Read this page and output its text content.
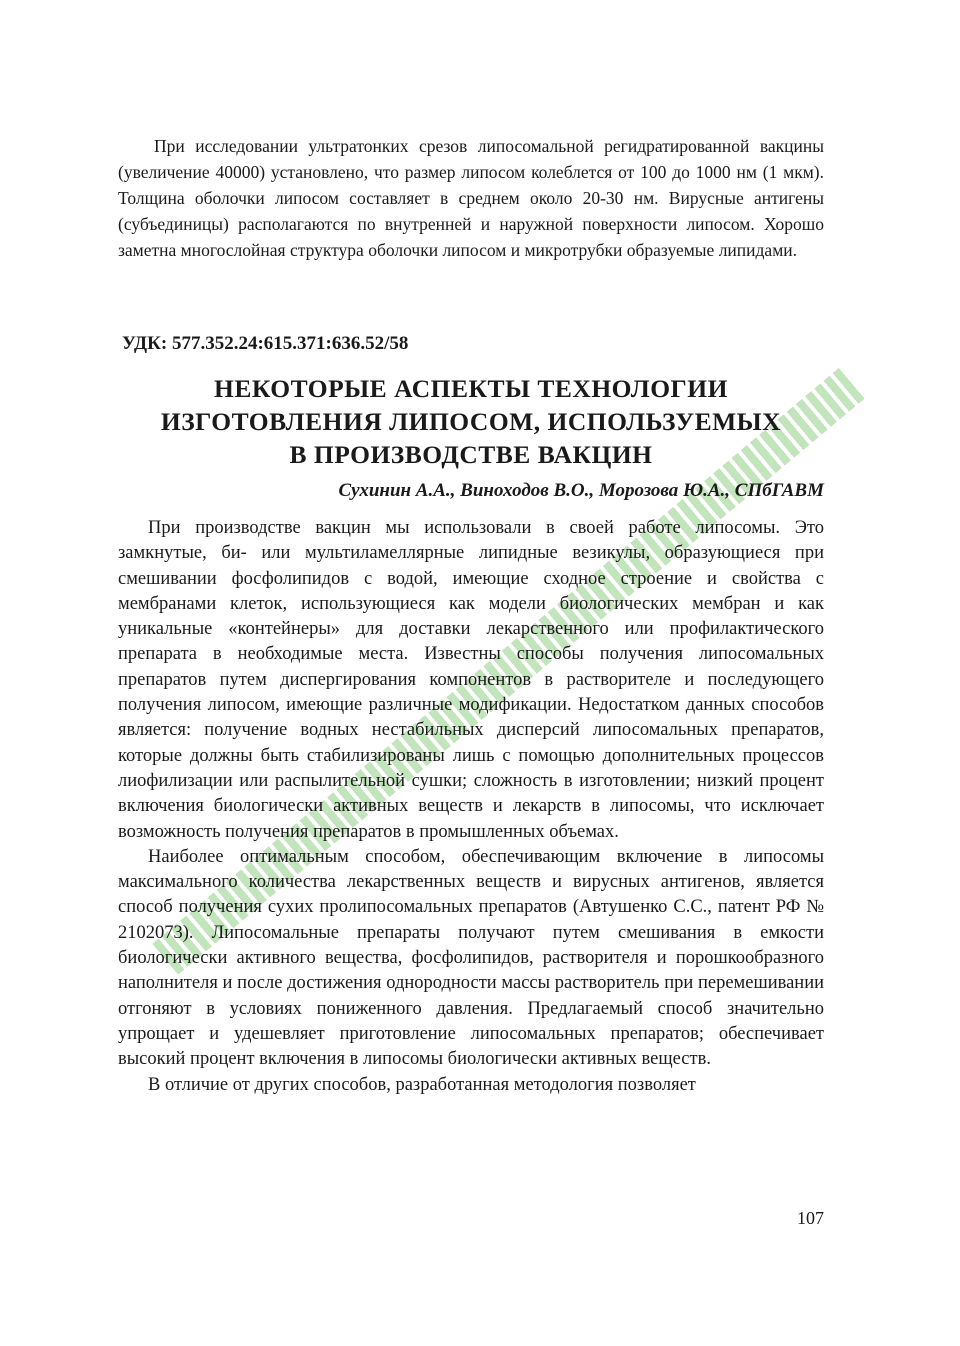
При исследовании ультратонких срезов липосомальной регидратированной вакцины (увеличение 40000) установлено, что размер липосом колеблется от 100 до 1000 нм (1 мкм). Толщина оболочки липосом составляет в среднем около 20-30 нм. Вирусные антигены (субъединицы) располагаются по внутренней и наружной поверхности липосом. Хорошо заметна многослойная структура оболочки липосом и микротрубки образуемые липидами.

УДК: 577.352.24:615.371:636.52/58
НЕКОТОРЫЕ АСПЕКТЫ ТЕХНОЛОГИИ
ИЗГОТОВЛЕНИЯ ЛИПОСОМ, ИСПОЛЬЗУЕМЫХ
В ПРОИЗВОДСТВЕ ВАКЦИН
Сухинин А.А., Виноходов В.О., Морозова Ю.А., СПбГАВМ

При производстве вакцин мы использовали в своей работе липосомы. Это замкнутые, би- или мультиламеллярные липидные везикулы, образующиеся при смешивании фосфолипидов с водой, имеющие сходное строение и свойства с мембранами клеток, использующиеся как модели биологических мембран и как уникальные «контейнеры» для доставки лекарственного или профилактического препарата в необходимые места. Известны способы получения липосомальных препаратов путем диспергирования компонентов в растворителе и последующего получения липосом, имеющие различные модификации. Недостатком данных способов является: получение водных нестабильных дисперсий липосомальных препаратов, которые должны быть стабилизированы лишь с помощью дополнительных процессов лиофилизации или распылительной сушки; сложность в изготовлении; низкий процент включения биологически активных веществ и лекарств в липосомы, что исключает возможность получения препаратов в промышленных объемах.

Наиболее оптимальным способом, обеспечивающим включение в липосомы максимального количества лекарственных веществ и вирусных антигенов, является способ получения сухих пролипосомальных препаратов (Автушенко С.С., патент РФ № 2102073). Липосомальные препараты получают путем смешивания в емкости биологически активного вещества, фосфолипидов, растворителя и порошкообразного наполнителя и после достижения однородности массы растворитель при перемешивании отгоняют в условиях пониженного давления. Предлагаемый способ значительно упрощает и удешевляет приготовление липосомальных препаратов; обеспечивает высокий процент включения в липосомы биологически активных веществ.

В отличие от других способов, разработанная методология позволяет

107
